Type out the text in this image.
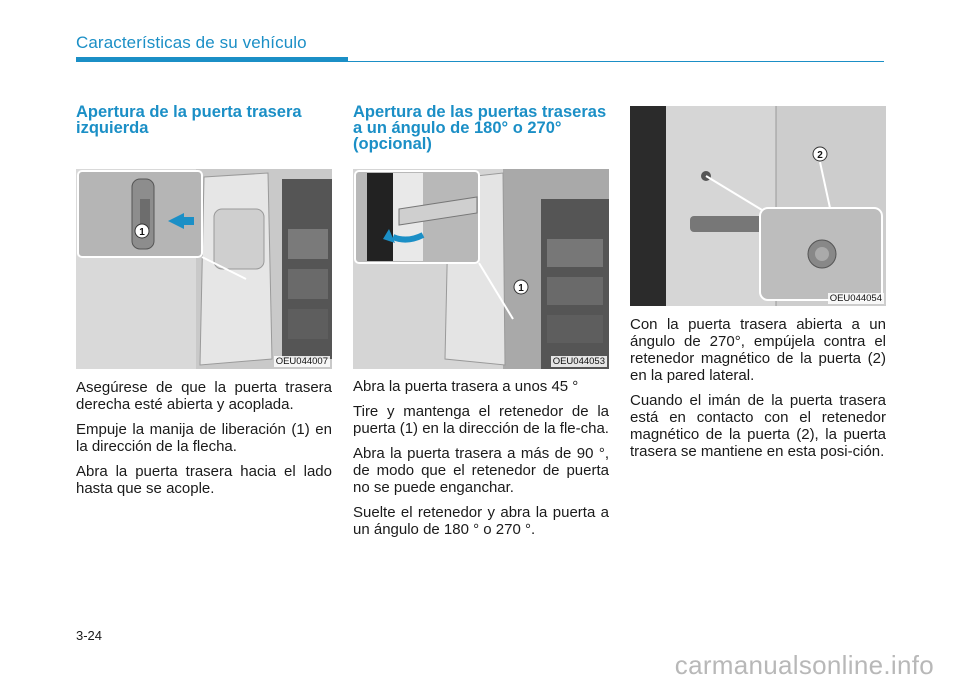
Características de su vehículo
Apertura de la puerta trasera izquierda
1
OEU044007

Asegúrese de que la puerta trasera derecha esté abierta y acoplada.

Empuje la manija de liberación (1) en la dirección de la flecha.

Abra la puerta trasera hacia el lado hasta que se acople.

Apertura de las puertas traseras a un ángulo de 180° o 270° (opcional)
1
OEU044053

Abra la puerta trasera a unos 45 °

Tire y mantenga el retenedor de la puerta (1) en la dirección de la fle-cha.

Abra la puerta trasera a más de 90 °, de modo que el retenedor de puerta no se puede enganchar.

Suelte el retenedor y abra la puerta a un ángulo de 180 ° o 270 °.

2
OEU044054

Con la puerta trasera abierta a un ángulo de 270°, empújela contra el retenedor magnético de la puerta (2) en la pared lateral.

Cuando el imán de la puerta trasera está en contacto con el retenedor magnético de la puerta (2), la puerta trasera se mantiene en esta posi-ción.

3-24
carmanualsonline.info
